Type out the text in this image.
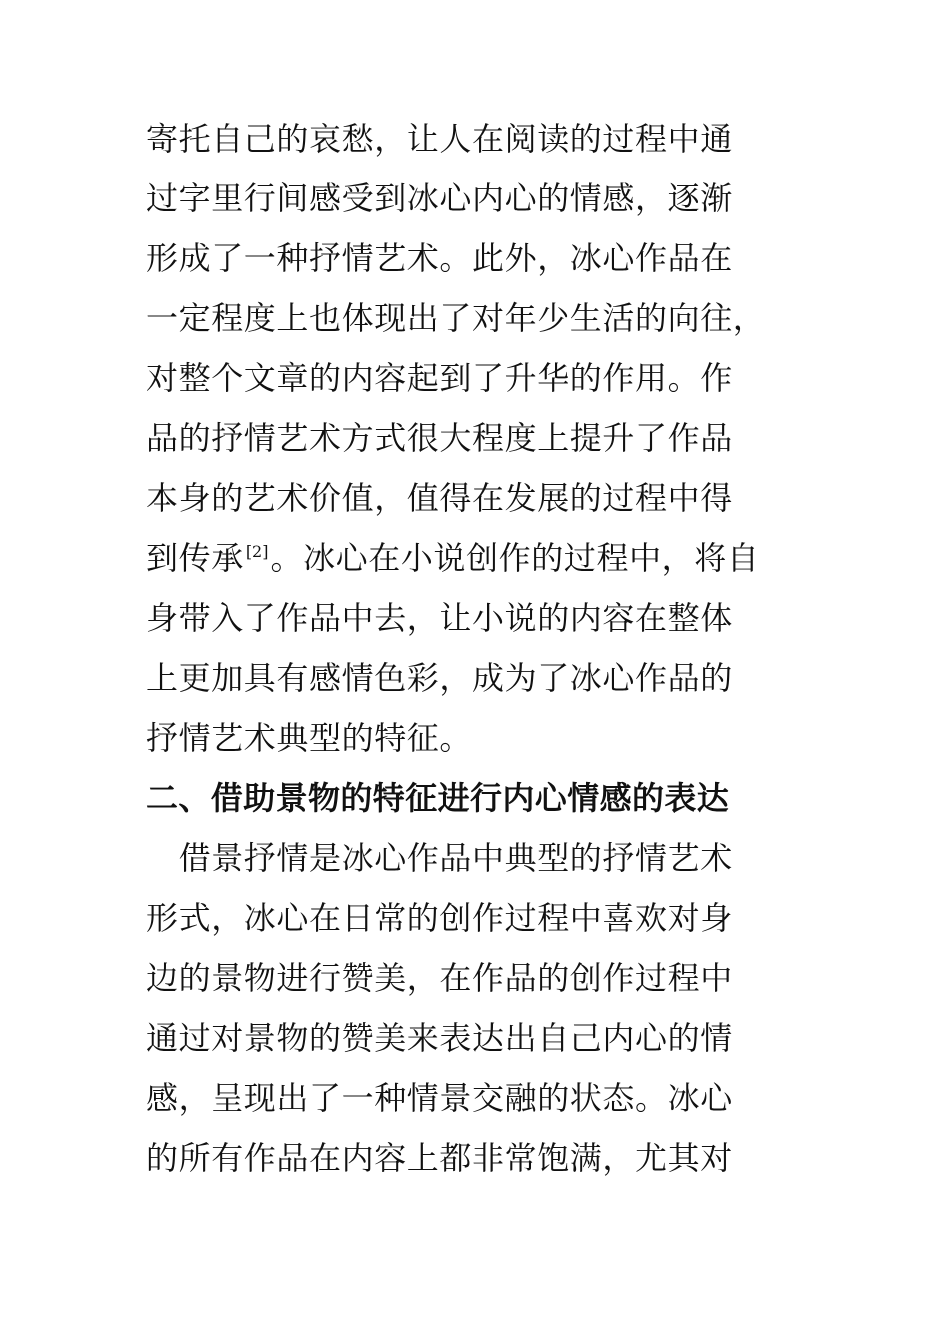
寄托自己的哀愁，让人在阅读的过程中通
过字里行间感受到冰心内心的情感，逐渐
形成了一种抒情艺术。此外，冰心作品在
一定程度上也体现出了对年少生活的向往，
对整个文章的内容起到了升华的作用。作
品的抒情艺术方式很大程度上提升了作品
本身的艺术价值，值得在发展的过程中得
到传承 [2]。冰心在小说创作的过程中，将自
身带入了作品中去，让小说的内容在整体
上更加具有感情色彩，成为了冰心作品的
抒情艺术典型的特征。
二、借助景物的特征进行内心情感的表达
　借景抒情是冰心作品中典型的抒情艺术
形式，冰心在日常的创作过程中喜欢对身
边的景物进行赞美，在作品的创作过程中
通过对景物的赞美来表达出自己内心的情
感，呈现出了一种情景交融的状态。冰心
的所有作品在内容上都非常饱满，尤其对
